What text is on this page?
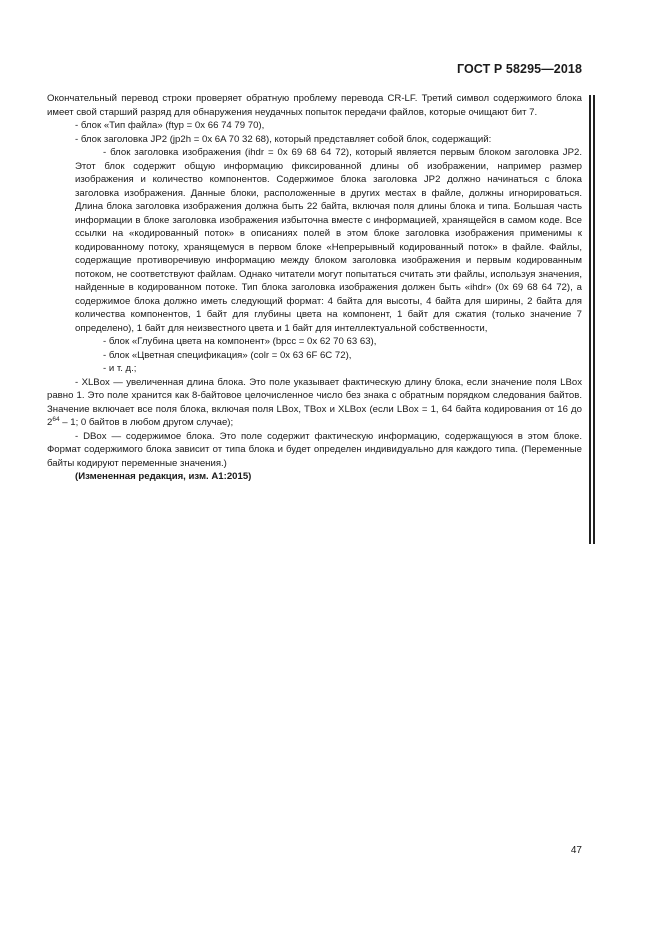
ГОСТ Р 58295—2018

Окончательный перевод строки проверяет обратную проблему перевода CR-LF. Третий символ содержимого блока имеет свой старший разряд для обнаружения неудачных попыток передачи файлов, которые очищают бит 7.

- блок «Тип файла» (ftyp = 0x 66 74 79 70),

- блок заголовка JP2 (jp2h = 0x 6A 70 32 68), который представляет собой блок, содержащий:

- блок заголовка изображения (ihdr = 0x 69 68 64 72), который является первым блоком заголовка JP2. Этот блок содержит общую информацию фиксированной длины об изображении, например размер изображения и количество компонентов. Содержимое блока заголовка JP2 должно начинаться с блока заголовка изображения. Данные блоки, расположенные в других местах в файле, должны игнорироваться. Длина блока заголовка изображения должна быть 22 байта, включая поля длины блока и типа. Большая часть информации в блоке заголовка изображения избыточна вместе с информацией, хранящейся в самом коде. Все ссылки на «кодированный поток» в описаниях полей в этом блоке заголовка изображения применимы к кодированному потоку, хранящемуся в первом блоке «Непрерывный кодированный поток» в файле. Файлы, содержащие противоречивую информацию между блоком заголовка изображения и первым кодированным потоком, не соответствуют файлам. Однако читатели могут попытаться считать эти файлы, используя значения, найденные в кодированном потоке. Тип блока заголовка изображения должен быть «ihdr» (0x 69 68 64 72), а содержимое блока должно иметь следующий формат: 4 байта для высоты, 4 байта для ширины, 2 байта для количества компонентов, 1 байт для глубины цвета на компонент, 1 байт для сжатия (только значение 7 определено), 1 байт для неизвестного цвета и 1 байт для интеллектуальной собственности,

- блок «Глубина цвета на компонент» (bpcc = 0x 62 70 63 63),

- блок «Цветная спецификация» (colr = 0x 63 6F 6C 72),

- и т. д.;

- XLBox — увеличенная длина блока. Это поле указывает фактическую длину блока, если значение поля LBox равно 1. Это поле хранится как 8-байтовое целочисленное число без знака с обратным порядком следования байтов. Значение включает все поля блока, включая поля LBox, TBox и XLBox (если LBox = 1, 64 байта кодирования от 16 до $2^{64} - 1$; 0 байтов в любом другом случае);

- DBox — содержимое блока. Это поле содержит фактическую информацию, содержащуюся в этом блоке. Формат содержимого блока зависит от типа блока и будет определен индивидуально для каждого типа. (Переменные байты кодируют переменные значения.)

(Измененная редакция, изм. А1:2015)

47
